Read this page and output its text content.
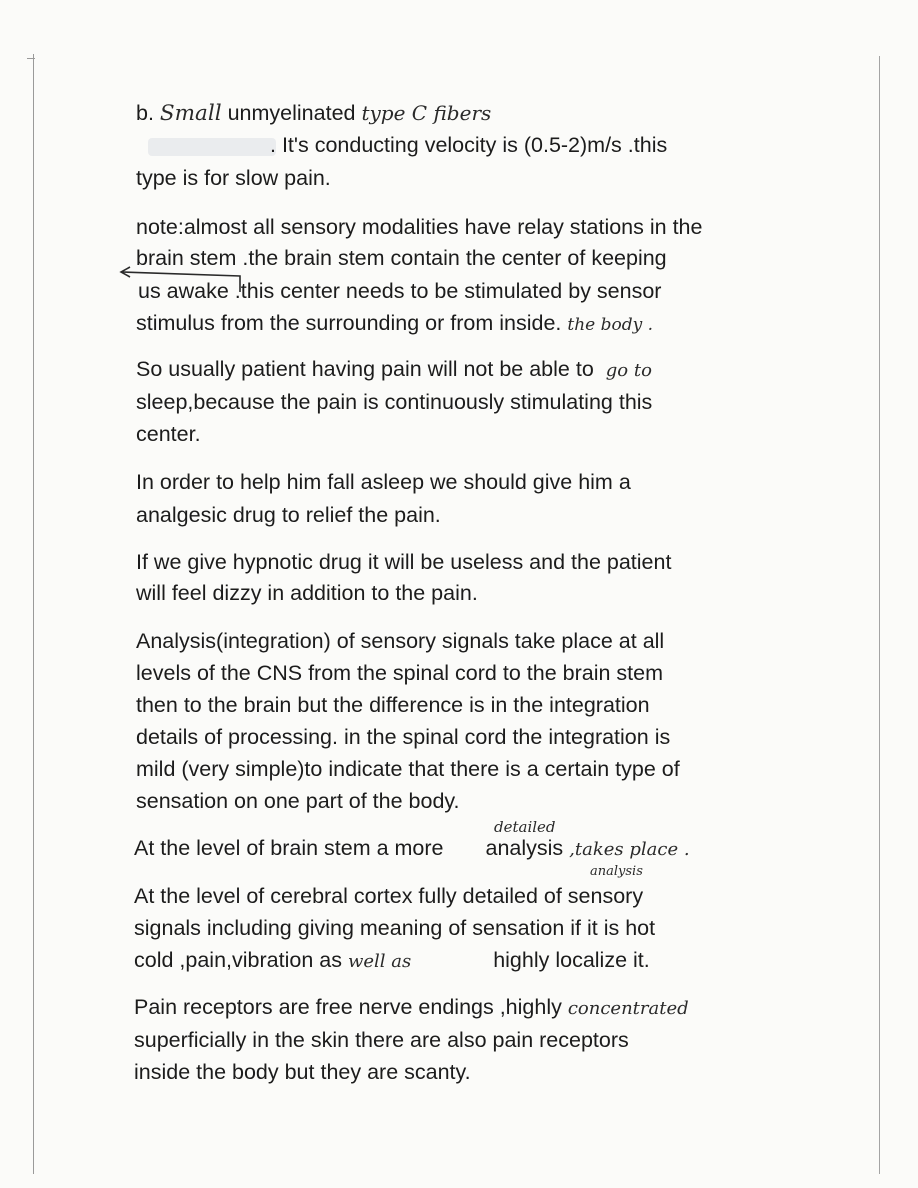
b. Small unmyelinated type C fibers
. It's conducting velocity is (0.5-2)m/s .this
type is for slow pain.
note:almost all sensory modalities have relay stations in the
brain stem .the brain stem contain the center of keeping
us awake .this center needs to be stimulated by sensor
stimulus from the surrounding or from inside. the body .
So usually patient having pain will not be able to go to
sleep,because the pain is continuously stimulating this
center.
In order to help him fall asleep we should give him a
analgesic drug to relief the pain.
If we give hypnotic drug it will be useless and the patient
will feel dizzy in addition to the pain.
Analysis(integration) of sensory signals take place at all
levels of the CNS from the spinal cord to the brain stem
then to the brain but the difference is in the integration
details of processing. in the spinal cord the integration is
mild (very simple)to indicate that there is a certain type of
sensation on one part of the body.
detailed
At the level of brain stem a more analysis ,takes place .
analysis
At the level of cerebral cortex fully detailed of sensory
signals including giving meaning of sensation if it is hot
cold ,pain,vibration as well as	highly localize it.
Pain receptors are free nerve endings ,highly concentrated
superficially in the skin there are also pain receptors
inside the body but they are scanty.
